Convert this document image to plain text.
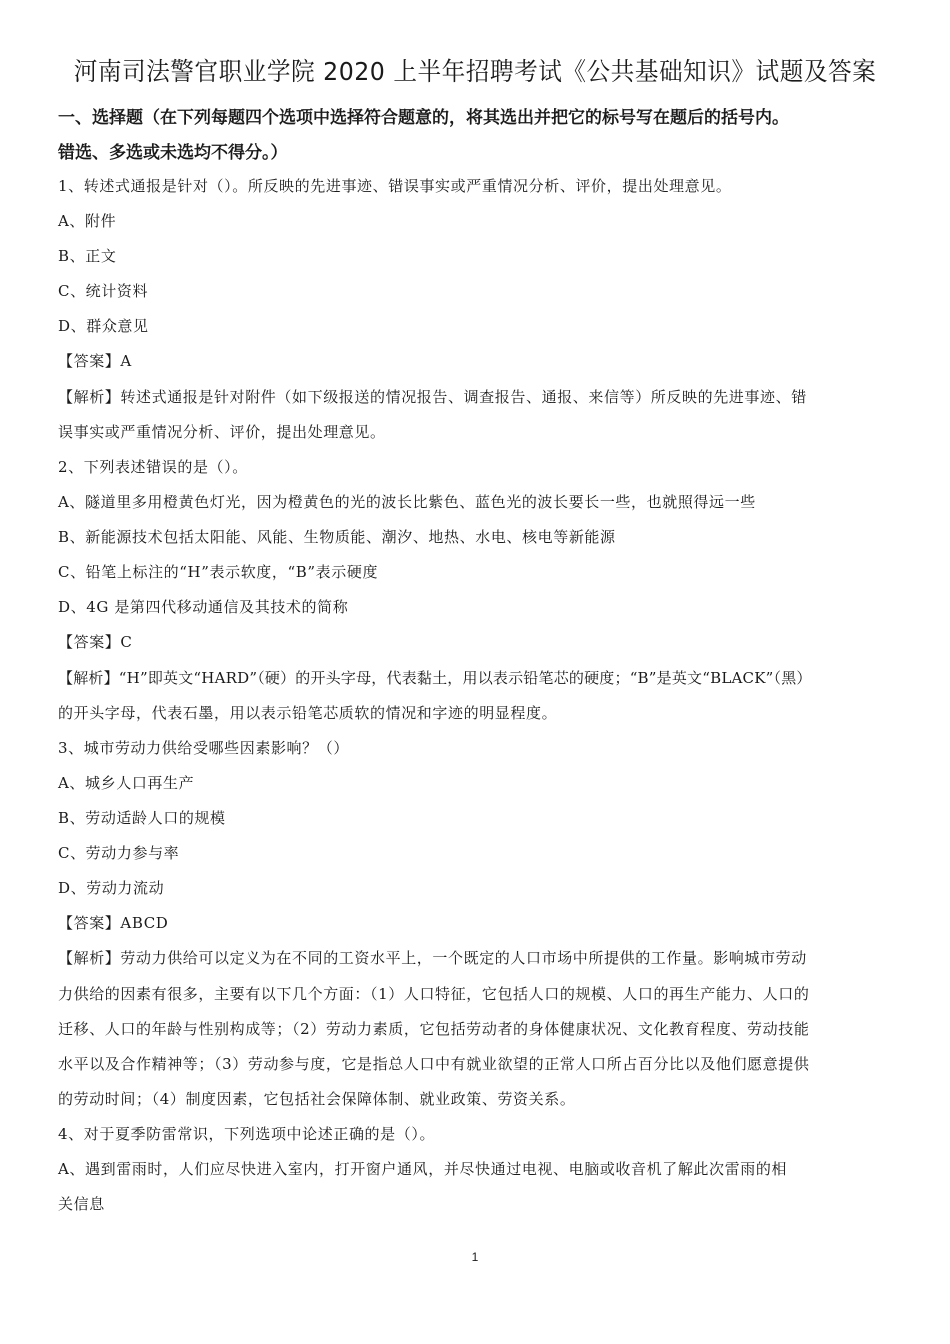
河南司法警官职业学院 2020 上半年招聘考试《公共基础知识》试题及答案
一、选择题（在下列每题四个选项中选择符合题意的，将其选出并把它的标号写在题后的括号内。
错选、多选或未选均不得分。）
1、转述式通报是针对（）。所反映的先进事迹、错误事实或严重情况分析、评价，提出处理意见。
A、附件
B、正文
C、统计资料
D、群众意见
【答案】A
【解析】转述式通报是针对附件（如下级报送的情况报告、调查报告、通报、来信等）所反映的先进事迹、错
误事实或严重情况分析、评价，提出处理意见。
2、下列表述错误的是（）。
A、隧道里多用橙黄色灯光，因为橙黄色的光的波长比紫色、蓝色光的波长要长一些，也就照得远一些
B、新能源技术包括太阳能、风能、生物质能、潮汐、地热、水电、核电等新能源
C、铅笔上标注的“H”表示软度，“B”表示硬度
D、4G 是第四代移动通信及其技术的简称
【答案】C
【解析】“H”即英文“HARD”（硬）的开头字母，代表黏土，用以表示铅笔芯的硬度；“B”是英文“BLACK”（黑）
的开头字母，代表石墨，用以表示铅笔芯质软的情况和字迹的明显程度。
3、城市劳动力供给受哪些因素影响？（）
A、城乡人口再生产
B、劳动适龄人口的规模
C、劳动力参与率
D、劳动力流动
【答案】ABCD
【解析】劳动力供给可以定义为在不同的工资水平上，一个既定的人口市场中所提供的工作量。影响城市劳动
力供给的因素有很多，主要有以下几个方面：（1）人口特征，它包括人口的规模、人口的再生产能力、人口的
迁移、人口的年龄与性别构成等；（2）劳动力素质，它包括劳动者的身体健康状况、文化教育程度、劳动技能
水平以及合作精神等；（3）劳动参与度，它是指总人口中有就业欲望的正常人口所占百分比以及他们愿意提供
的劳动时间；（4）制度因素，它包括社会保障体制、就业政策、劳资关系。
4、对于夏季防雷常识，下列选项中论述正确的是（）。
A、遇到雷雨时，人们应尽快进入室内，打开窗户通风，并尽快通过电视、电脑或收音机了解此次雷雨的相
关信息
1
